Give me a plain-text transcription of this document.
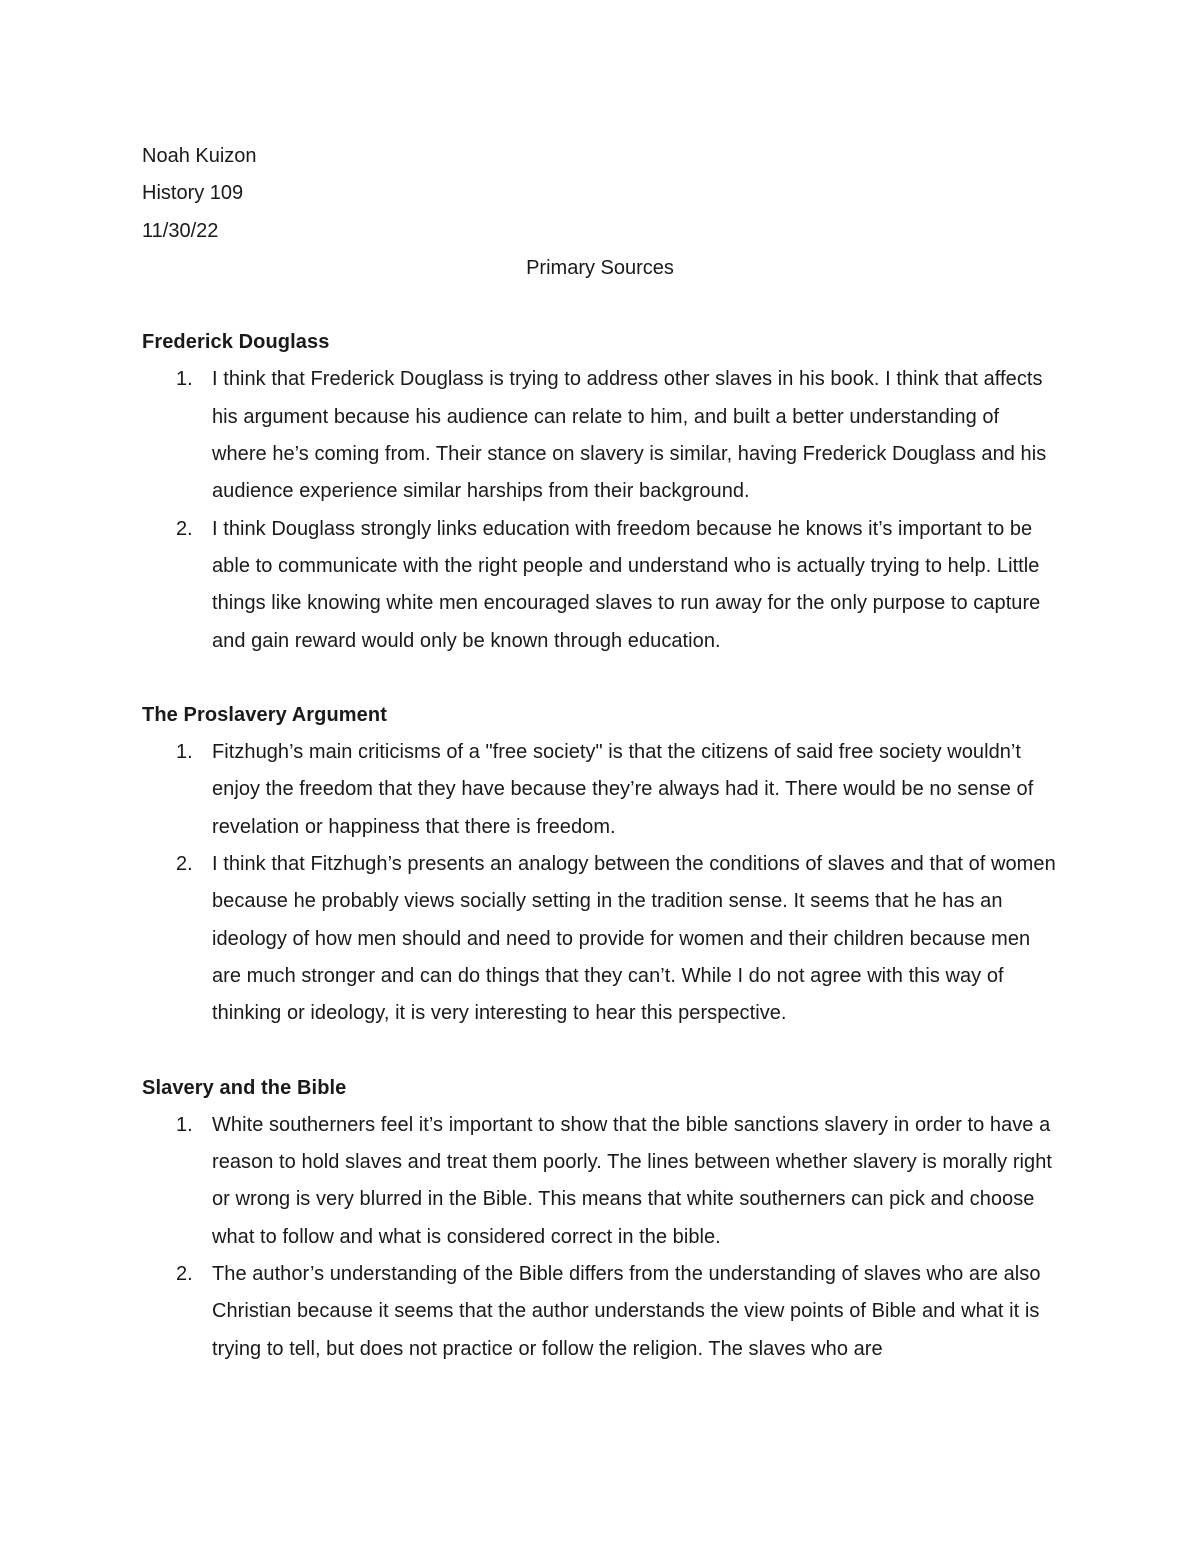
Noah Kuizon

History 109

11/30/22

Primary Sources

Frederick Douglass

1. I think that Frederick Douglass is trying to address other slaves in his book. I think that affects his argument because his audience can relate to him, and built a better understanding of where he’s coming from. Their stance on slavery is similar, having Frederick Douglass and his audience experience similar harships from their background.
2. I think Douglass strongly links education with freedom because he knows it’s important to be able to communicate with the right people and understand who is actually trying to help. Little things like knowing white men encouraged slaves to run away for the only purpose to capture and gain reward would only be known through education.

The Proslavery Argument

1. Fitzhugh’s main criticisms of a "free society" is that the citizens of said free society wouldn’t enjoy the freedom that they have because they’re always had it. There would be no sense of revelation or happiness that there is freedom.
2. I think that Fitzhugh’s presents an analogy between the conditions of slaves and that of women because he probably views socially setting in the tradition sense. It seems that he has an ideology of how men should and need to provide for women and their children because men are much stronger and can do things that they can’t. While I do not agree with this way of thinking or ideology, it is very interesting to hear this perspective.

Slavery and the Bible

1. White southerners feel it’s important to show that the bible sanctions slavery in order to have a reason to hold slaves and treat them poorly. The lines between whether slavery is morally right or wrong is very blurred in the Bible. This means that white southerners can pick and choose what to follow and what is considered correct in the bible.
2. The author’s understanding of the Bible differs from the understanding of slaves who are also Christian because it seems that the author understands the view points of Bible and what it is trying to tell, but does not practice or follow the religion. The slaves who are
